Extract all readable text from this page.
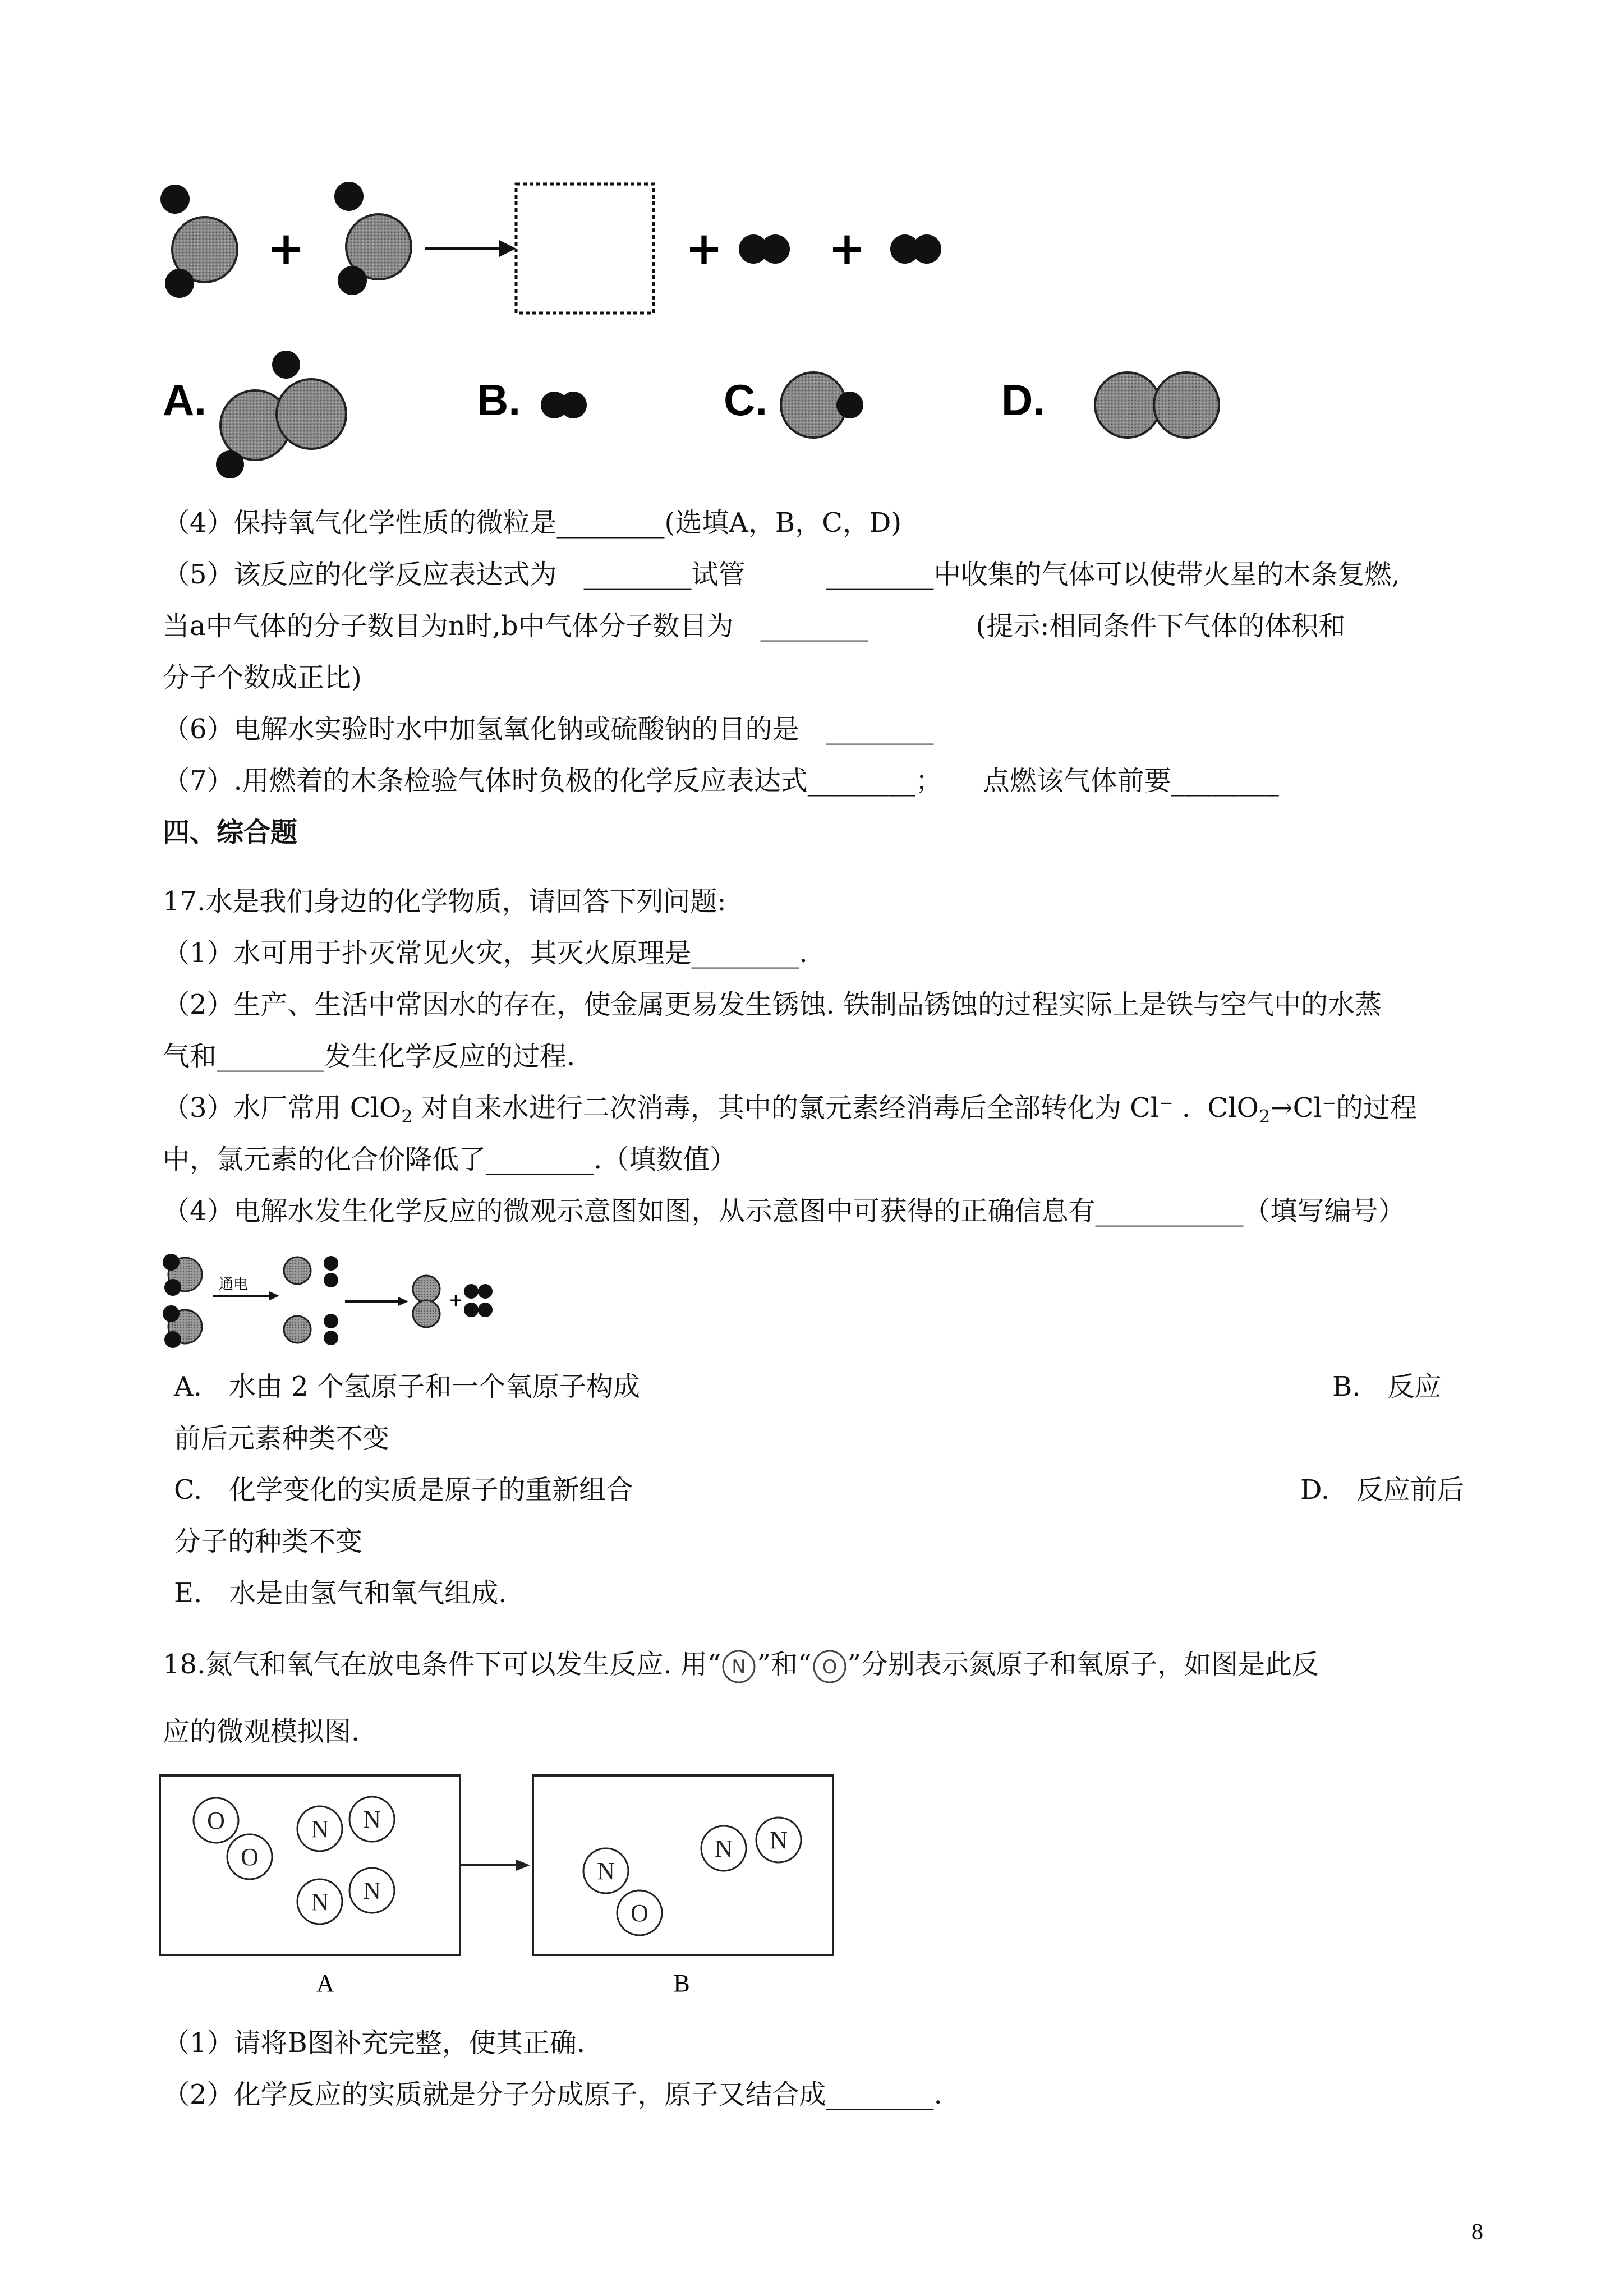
+	+ +
A.	B.	C.	D.
（4）保持氧气化学性质的微粒是________(选填A，B，C，D)
（5）该反应的化学反应表达式为　________试管　　　________中收集的气体可以使带火星的木条复燃,
当a中气体的分子数目为n时,b中气体分子数目为　________　　　　(提示:相同条件下气体的体积和
分子个数成正比)
（6）电解水实验时水中加氢氧化钠或硫酸钠的目的是　________
（7）.用燃着的木条检验气体时负极的化学反应表达式________；　　点燃该气体前要________
四、综合题
17.水是我们身边的化学物质，请回答下列问题:
（1）水可用于扑灭常见火灾，其灭火原理是________.
（2）生产、生活中常因水的存在，使金属更易发生锈蚀. 铁制品锈蚀的过程实际上是铁与空气中的水蒸
气和________发生化学反应的过程.
（3）水厂常用 ClO$_2$ 对自来水进行二次消毒，其中的氯元素经消毒后全部转化为 Cl⁻ .  ClO$_2$→Cl⁻的过程
中，氯元素的化合价降低了________.（填数值）
（4）电解水发生化学反应的微观示意图如图，从示意图中可获得的正确信息有___________（填写编号）
通电
+
A.　水由 2 个氢原子和一个氧原子构成	B.　反应
前后元素种类不变
C.　化学变化的实质是原子的重新组合	D.　反应前后
分子的种类不变
E.　水是由氢气和氧气组成.
18.氮气和氧气在放电条件下可以发生反应. 用“ N ”和“ O ”分别表示氮原子和氧原子，如图是此反
应的微观模拟图.
O
O
N N
N N
N
O
N N
A	B
（1）请将B图补充完整，使其正确.
（2）化学反应的实质就是分子分成原子，原子又结合成________.
8
